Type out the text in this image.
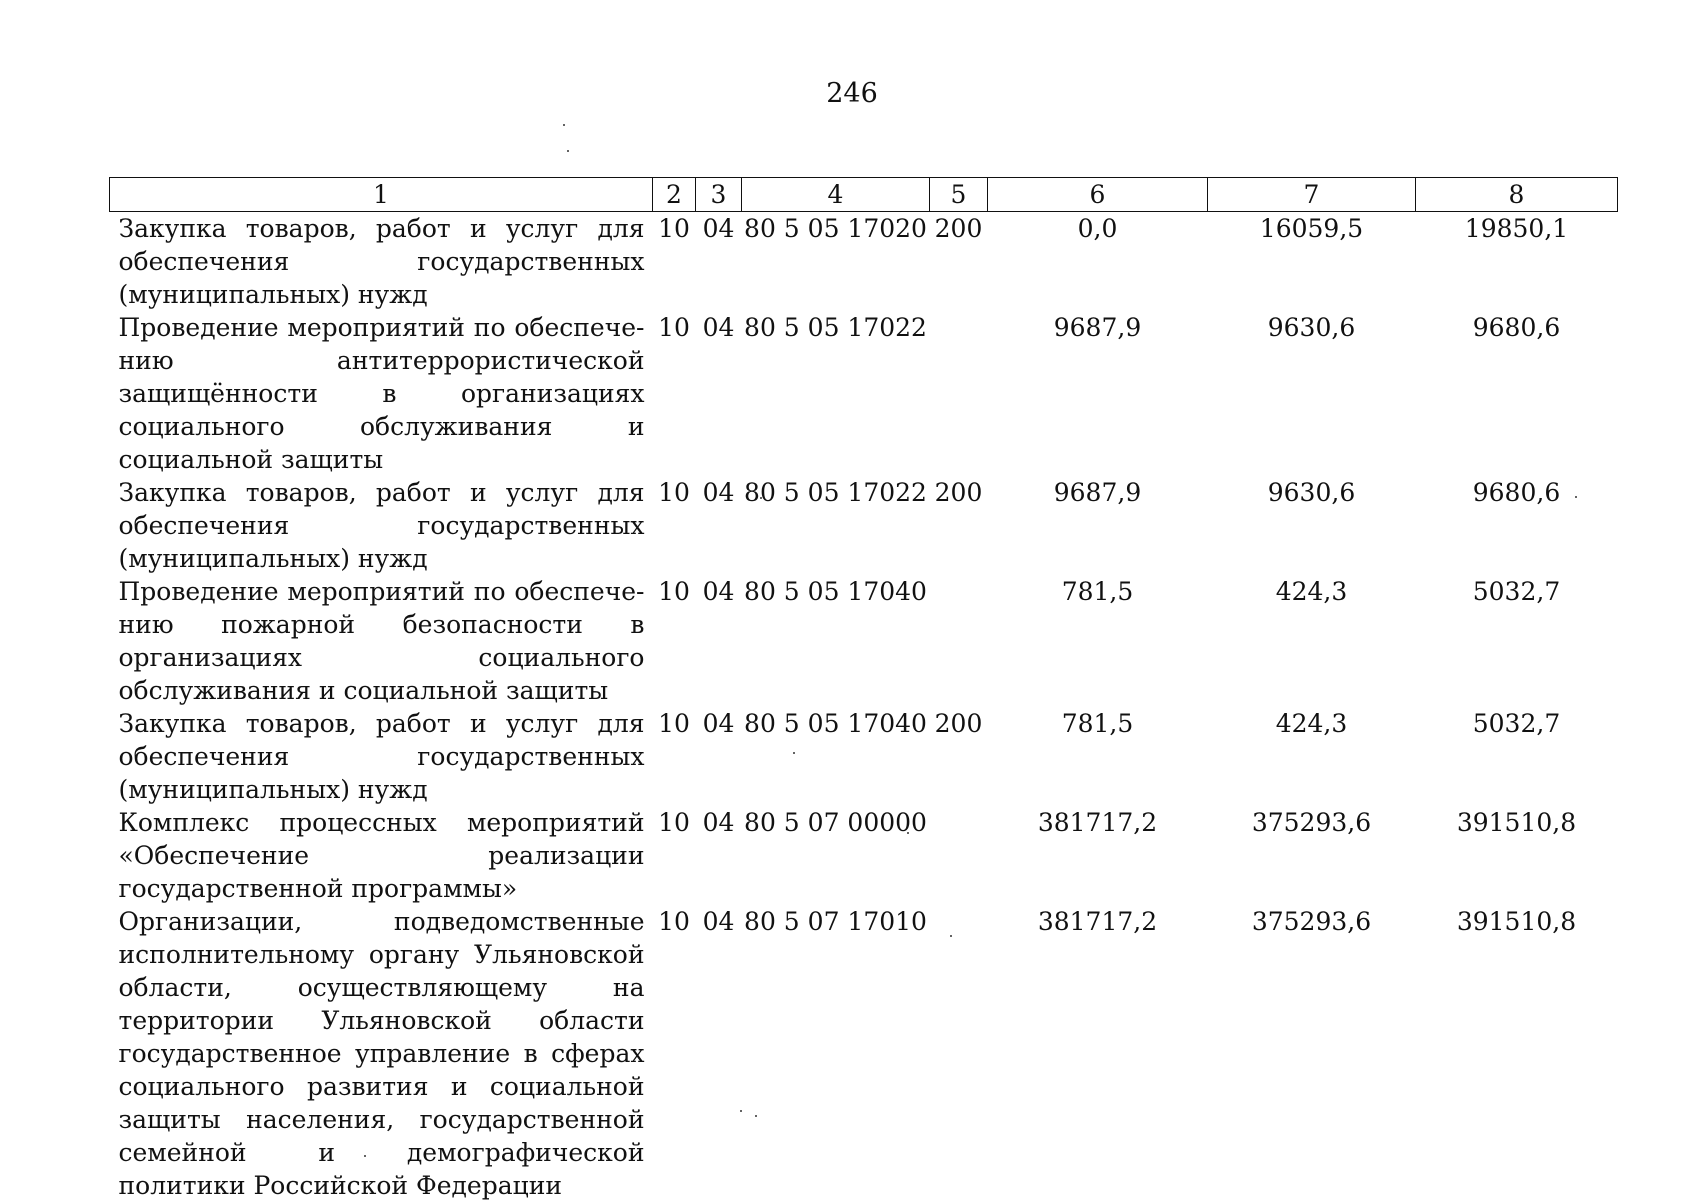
246
1	2	3	4	5	6	7	8
Закупка товаров, работ и услуг для обеспечения государственных (муниципальных) нужд	10	04	80 5 05 17020	200	0,0	16059,5	19850,1
Проведение мероприятий по обеспечению антитеррористической защищённости в организациях социального обслуживания и социальной защиты	10	04	80 5 05 17022		9687,9	9630,6	9680,6
Закупка товаров, работ и услуг для обеспечения государственных (муниципальных) нужд	10	04	80 5 05 17022	200	9687,9	9630,6	9680,6
Проведение мероприятий по обеспечению пожарной безопасности в организациях социального обслуживания и социальной защиты	10	04	80 5 05 17040		781,5	424,3	5032,7
Закупка товаров, работ и услуг для обеспечения государственных (муниципальных) нужд	10	04	80 5 05 17040	200	781,5	424,3	5032,7
Комплекс процессных мероприятий «Обеспечение реализации государственной программы»	10	04	80 5 07 00000		381717,2	375293,6	391510,8
Организации, подведомственные исполнительному органу Ульяновской области, осуществляющему на территории Ульяновской области государственное управление в сферах социального развития и социальной защиты населения, государственной семейной и демографической политики Российской Федерации	10	04	80 5 07 17010		381717,2	375293,6	391510,8
